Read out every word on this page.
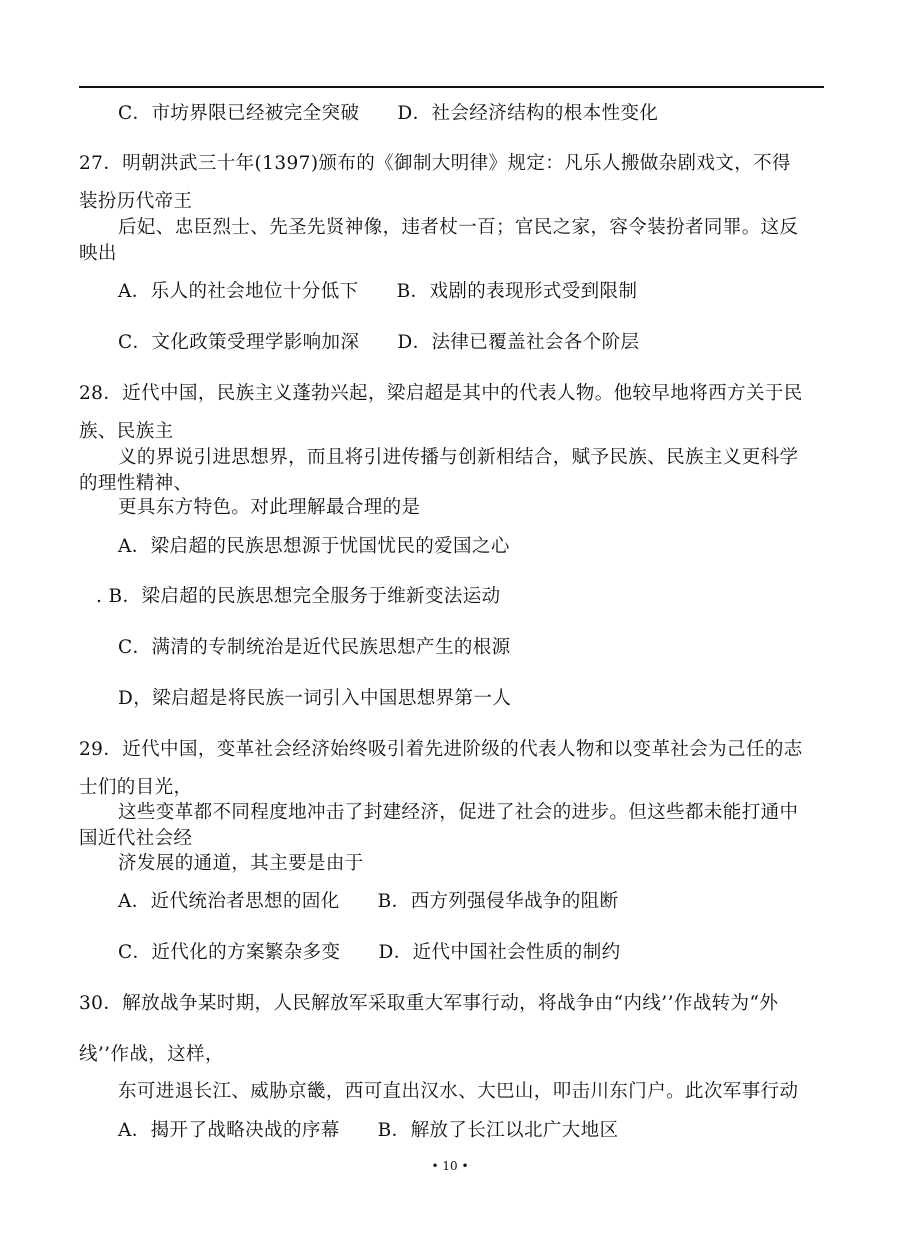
C．市坊界限已经被完全突破 D．社会经济结构的根本性变化
27．明朝洪武三十年(1397)颁布的《御制大明律》规定：凡乐人搬做杂剧戏文，不得
装扮历代帝王
后妃、忠臣烈士、先圣先贤神像，违者杖一百；官民之家，容令装扮者同罪。这反
映出
A．乐人的社会地位十分低下 B．戏剧的表现形式受到限制
C．文化政策受理学影响加深 D．法律已覆盖社会各个阶层
28．近代中国，民族主义蓬勃兴起，梁启超是其中的代表人物。他较早地将西方关于民
族、民族主
义的界说引进思想界，而且将引进传播与创新相结合，赋予民族、民族主义更科学
的理性精神、
更具东方特色。对此理解最合理的是
A．梁启超的民族思想源于忧国忧民的爱国之心
. B．梁启超的民族思想完全服务于维新变法运动
C．满清的专制统治是近代民族思想产生的根源
D，梁启超是将民族一词引入中国思想界第一人
29．近代中国，变革社会经济始终吸引着先进阶级的代表人物和以变革社会为己任的志
士们的目光，
这些变革都不同程度地冲击了封建经济，促进了社会的进步。但这些都未能打通中
国近代社会经
济发展的通道，其主要是由于
A．近代统治者思想的固化 B．西方列强侵华战争的阻断
C．近代化的方案繁杂多变 D．近代中国社会性质的制约
30．解放战争某时期，人民解放军采取重大军事行动，将战争由“内线’’作战转为“外
线’’作战，这样，
东可进退长江、威胁京畿，西可直出汉水、大巴山，叩击川东门户。此次军事行动
A．揭开了战略决战的序幕 B．解放了长江以北广大地区
• 10 •
